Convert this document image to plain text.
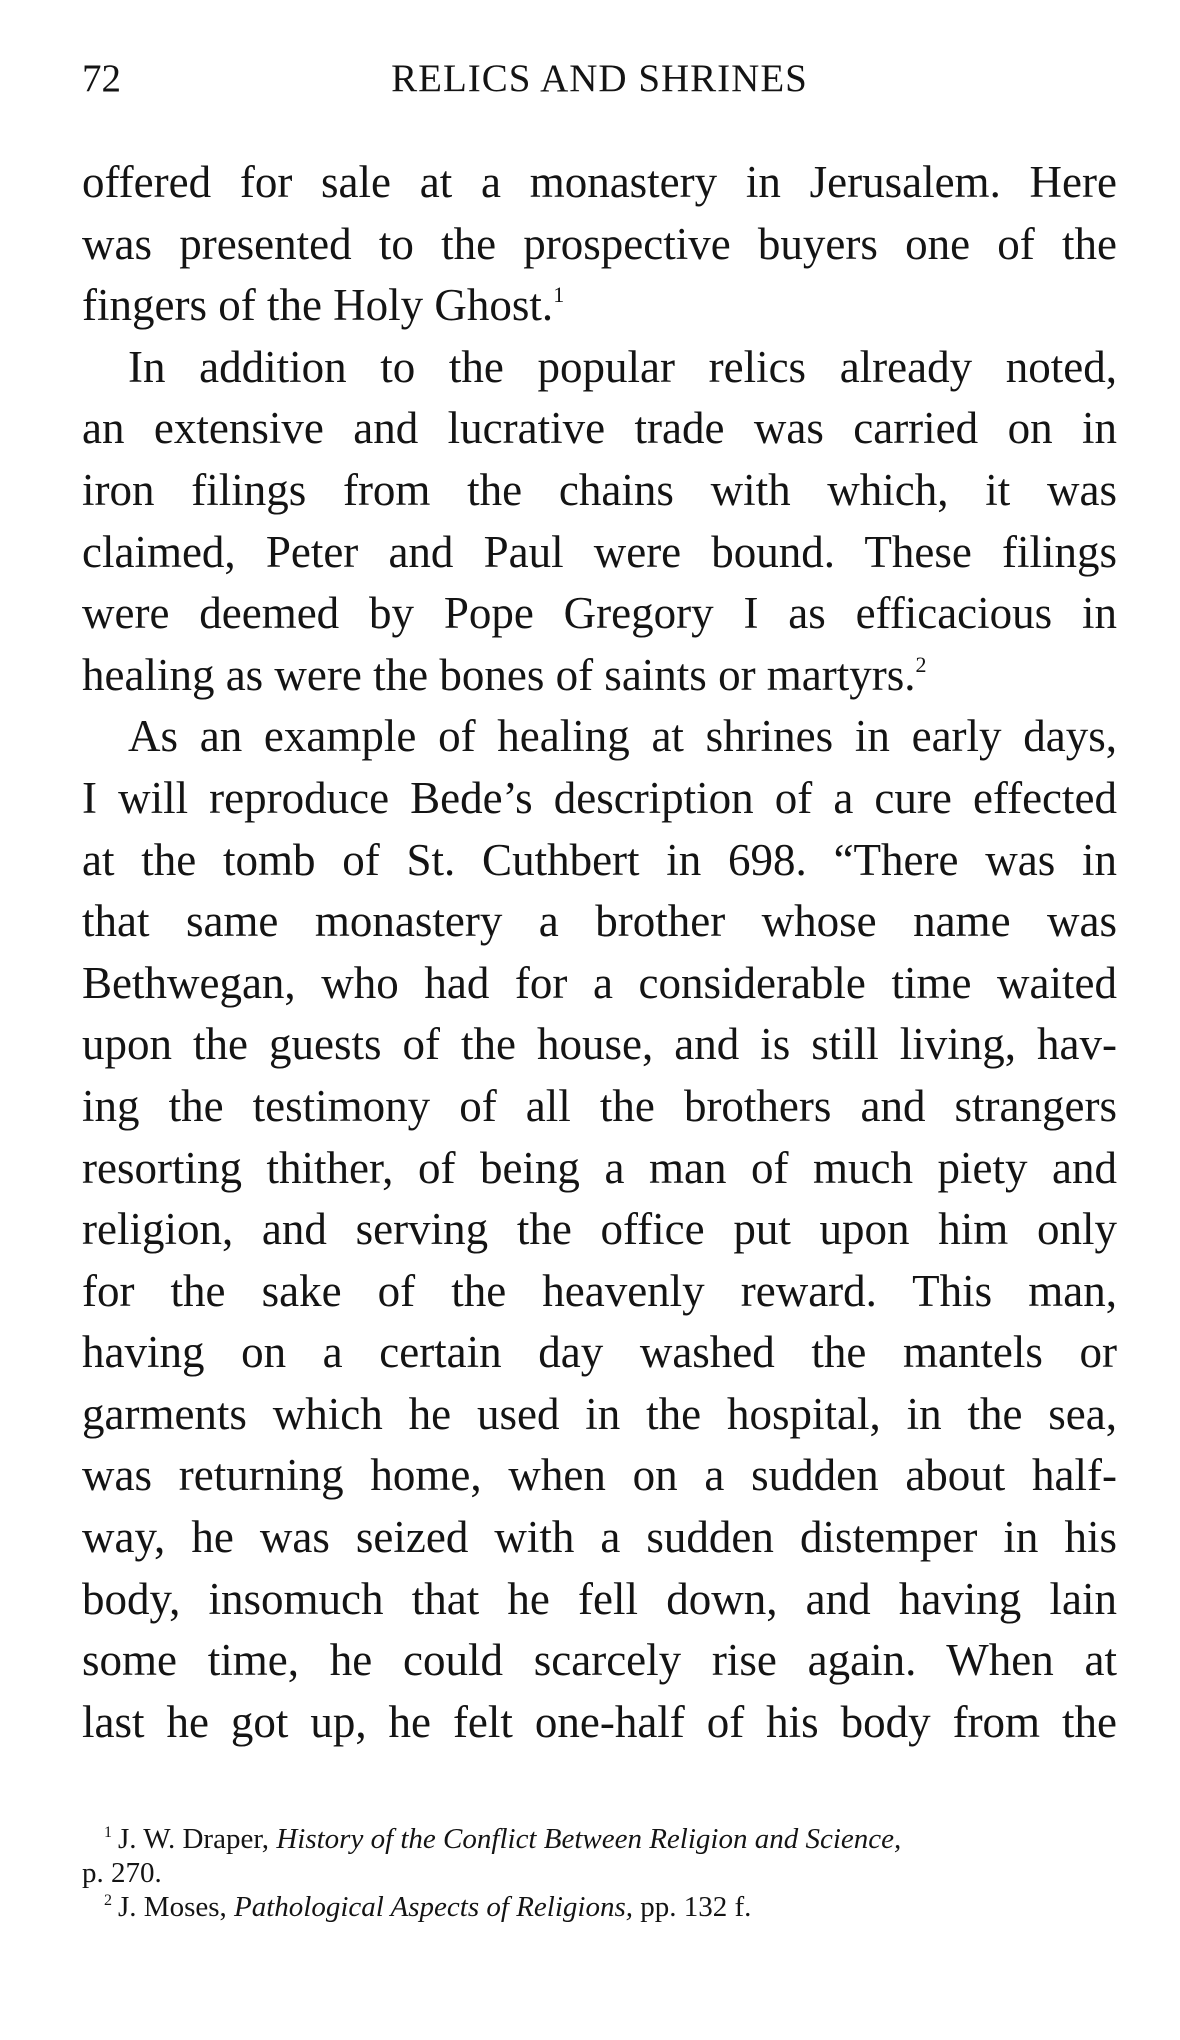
72	RELICS AND SHRINES
offered for sale at a monastery in Jerusalem. Here
was presented to the prospective buyers one of the
fingers of the Holy Ghost.$^1$
In addition to the popular relics already noted,
an extensive and lucrative trade was carried on in
iron filings from the chains with which, it was
claimed, Peter and Paul were bound. These filings
were deemed by Pope Gregory I as efficacious in
healing as were the bones of saints or martyrs.$^2$
As an example of healing at shrines in early days,
I will reproduce Bede’s description of a cure effected
at the tomb of St. Cuthbert in 698. “There was in
that same monastery a brother whose name was
Bethwegan, who had for a considerable time waited
upon the guests of the house, and is still living, hav-
ing the testimony of all the brothers and strangers
resorting thither, of being a man of much piety and
religion, and serving the office put upon him only
for the sake of the heavenly reward. This man,
having on a certain day washed the mantels or
garments which he used in the hospital, in the sea,
was returning home, when on a sudden about half-
way, he was seized with a sudden distemper in his
body, insomuch that he fell down, and having lain
some time, he could scarcely rise again. When at
last he got up, he felt one-half of his body from the
$^1$ J. W. Draper, History of the Conflict Between Religion and Science,
p. 270.
$^2$ J. Moses, Pathological Aspects of Religions, pp. 132 f.
